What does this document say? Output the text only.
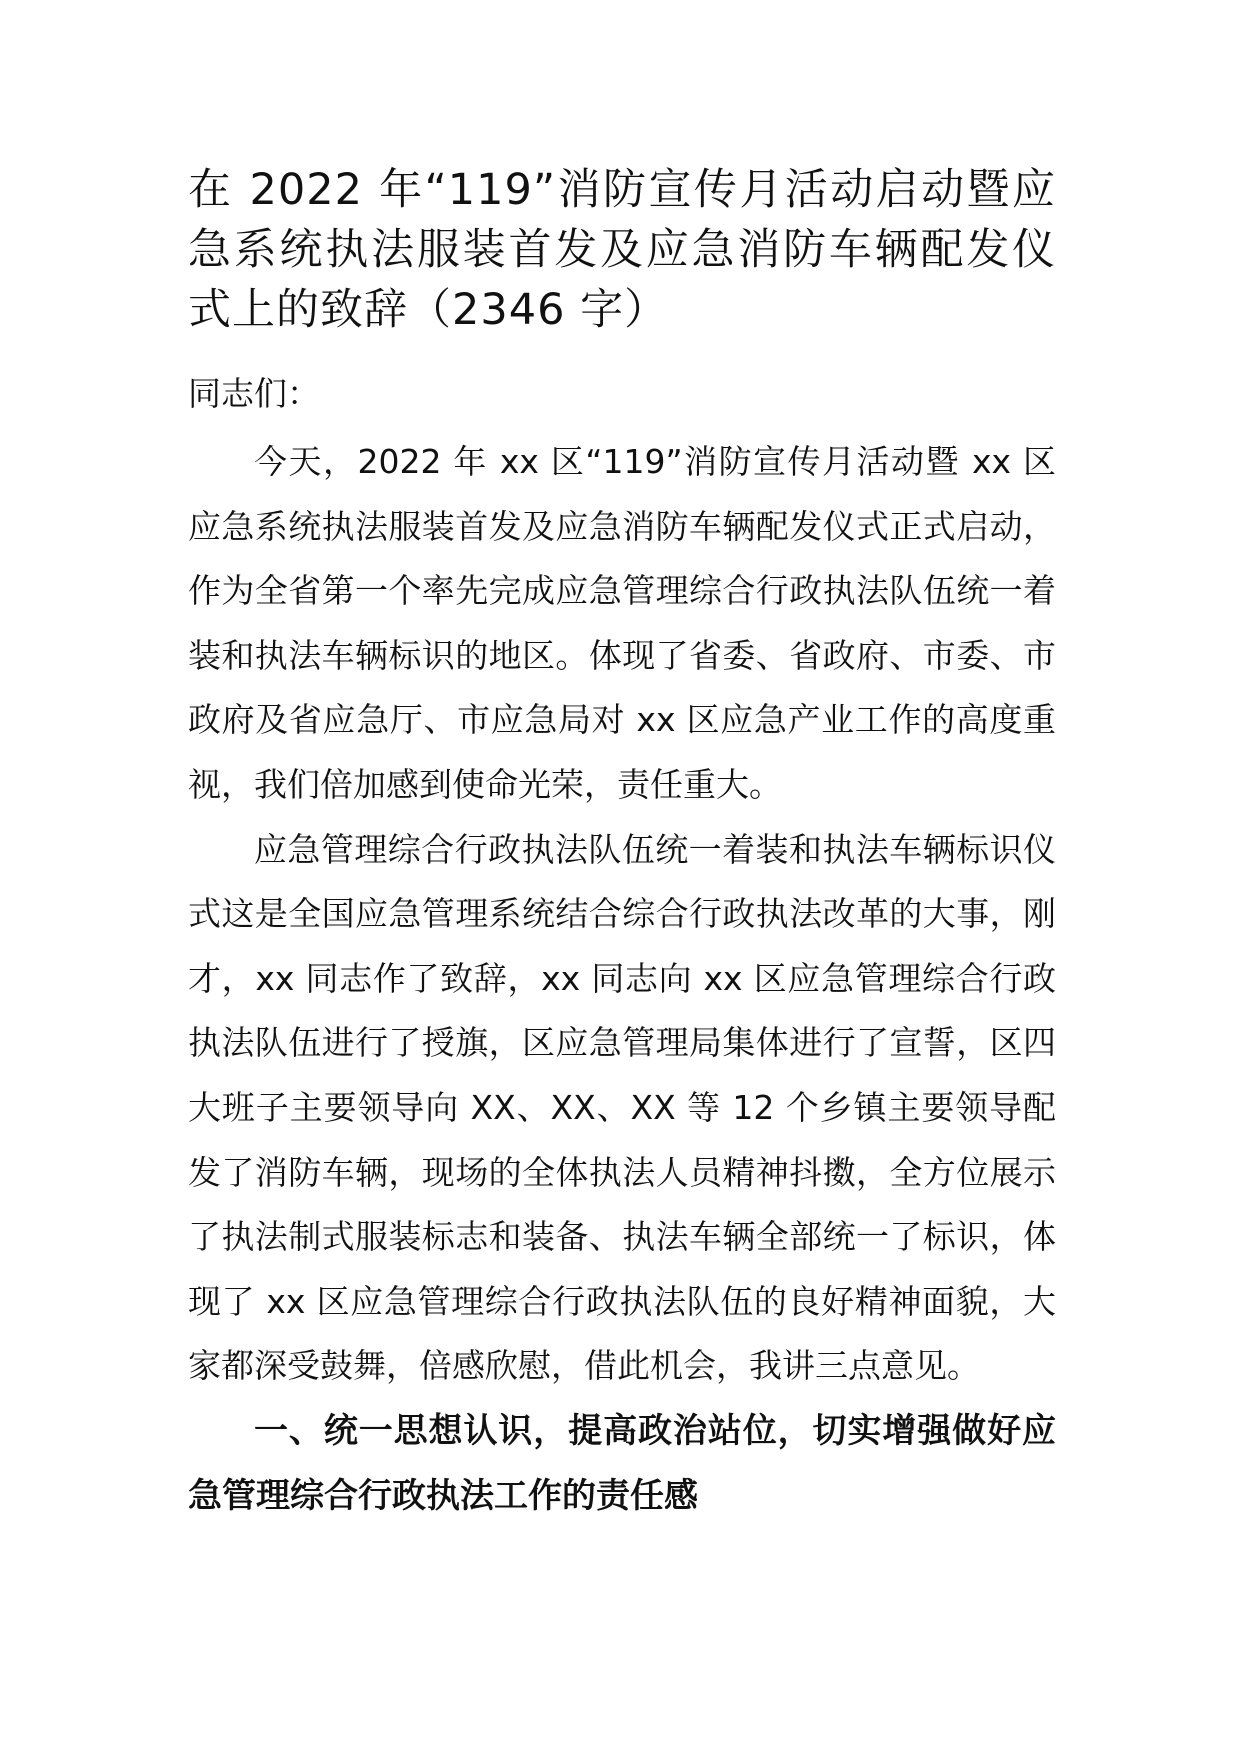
在 2022 年“119”消防宣传月活动启动暨应急系统执法服装首发及应急消防车辆配发仪式上的致辞（2346 字）

同志们：

今天，2022 年 xx 区“119”消防宣传月活动暨 xx 区应急系统执法服装首发及应急消防车辆配发仪式正式启动，作为全省第一个率先完成应急管理综合行政执法队伍统一着装和执法车辆标识的地区。体现了省委、省政府、市委、市政府及省应急厅、市应急局对 xx 区应急产业工作的高度重视，我们倍加感到使命光荣，责任重大。

应急管理综合行政执法队伍统一着装和执法车辆标识仪式这是全国应急管理系统结合综合行政执法改革的大事，刚才，xx 同志作了致辞，xx 同志向 xx 区应急管理综合行政执法队伍进行了授旗，区应急管理局集体进行了宣誓，区四大班子主要领导向 XX、XX、XX 等 12 个乡镇主要领导配发了消防车辆，现场的全体执法人员精神抖擞，全方位展示了执法制式服装标志和装备、执法车辆全部统一了标识，体现了 xx 区应急管理综合行政执法队伍的良好精神面貌，大家都深受鼓舞，倍感欣慰，借此机会，我讲三点意见。

一、统一思想认识，提高政治站位，切实增强做好应急管理综合行政执法工作的责任感
